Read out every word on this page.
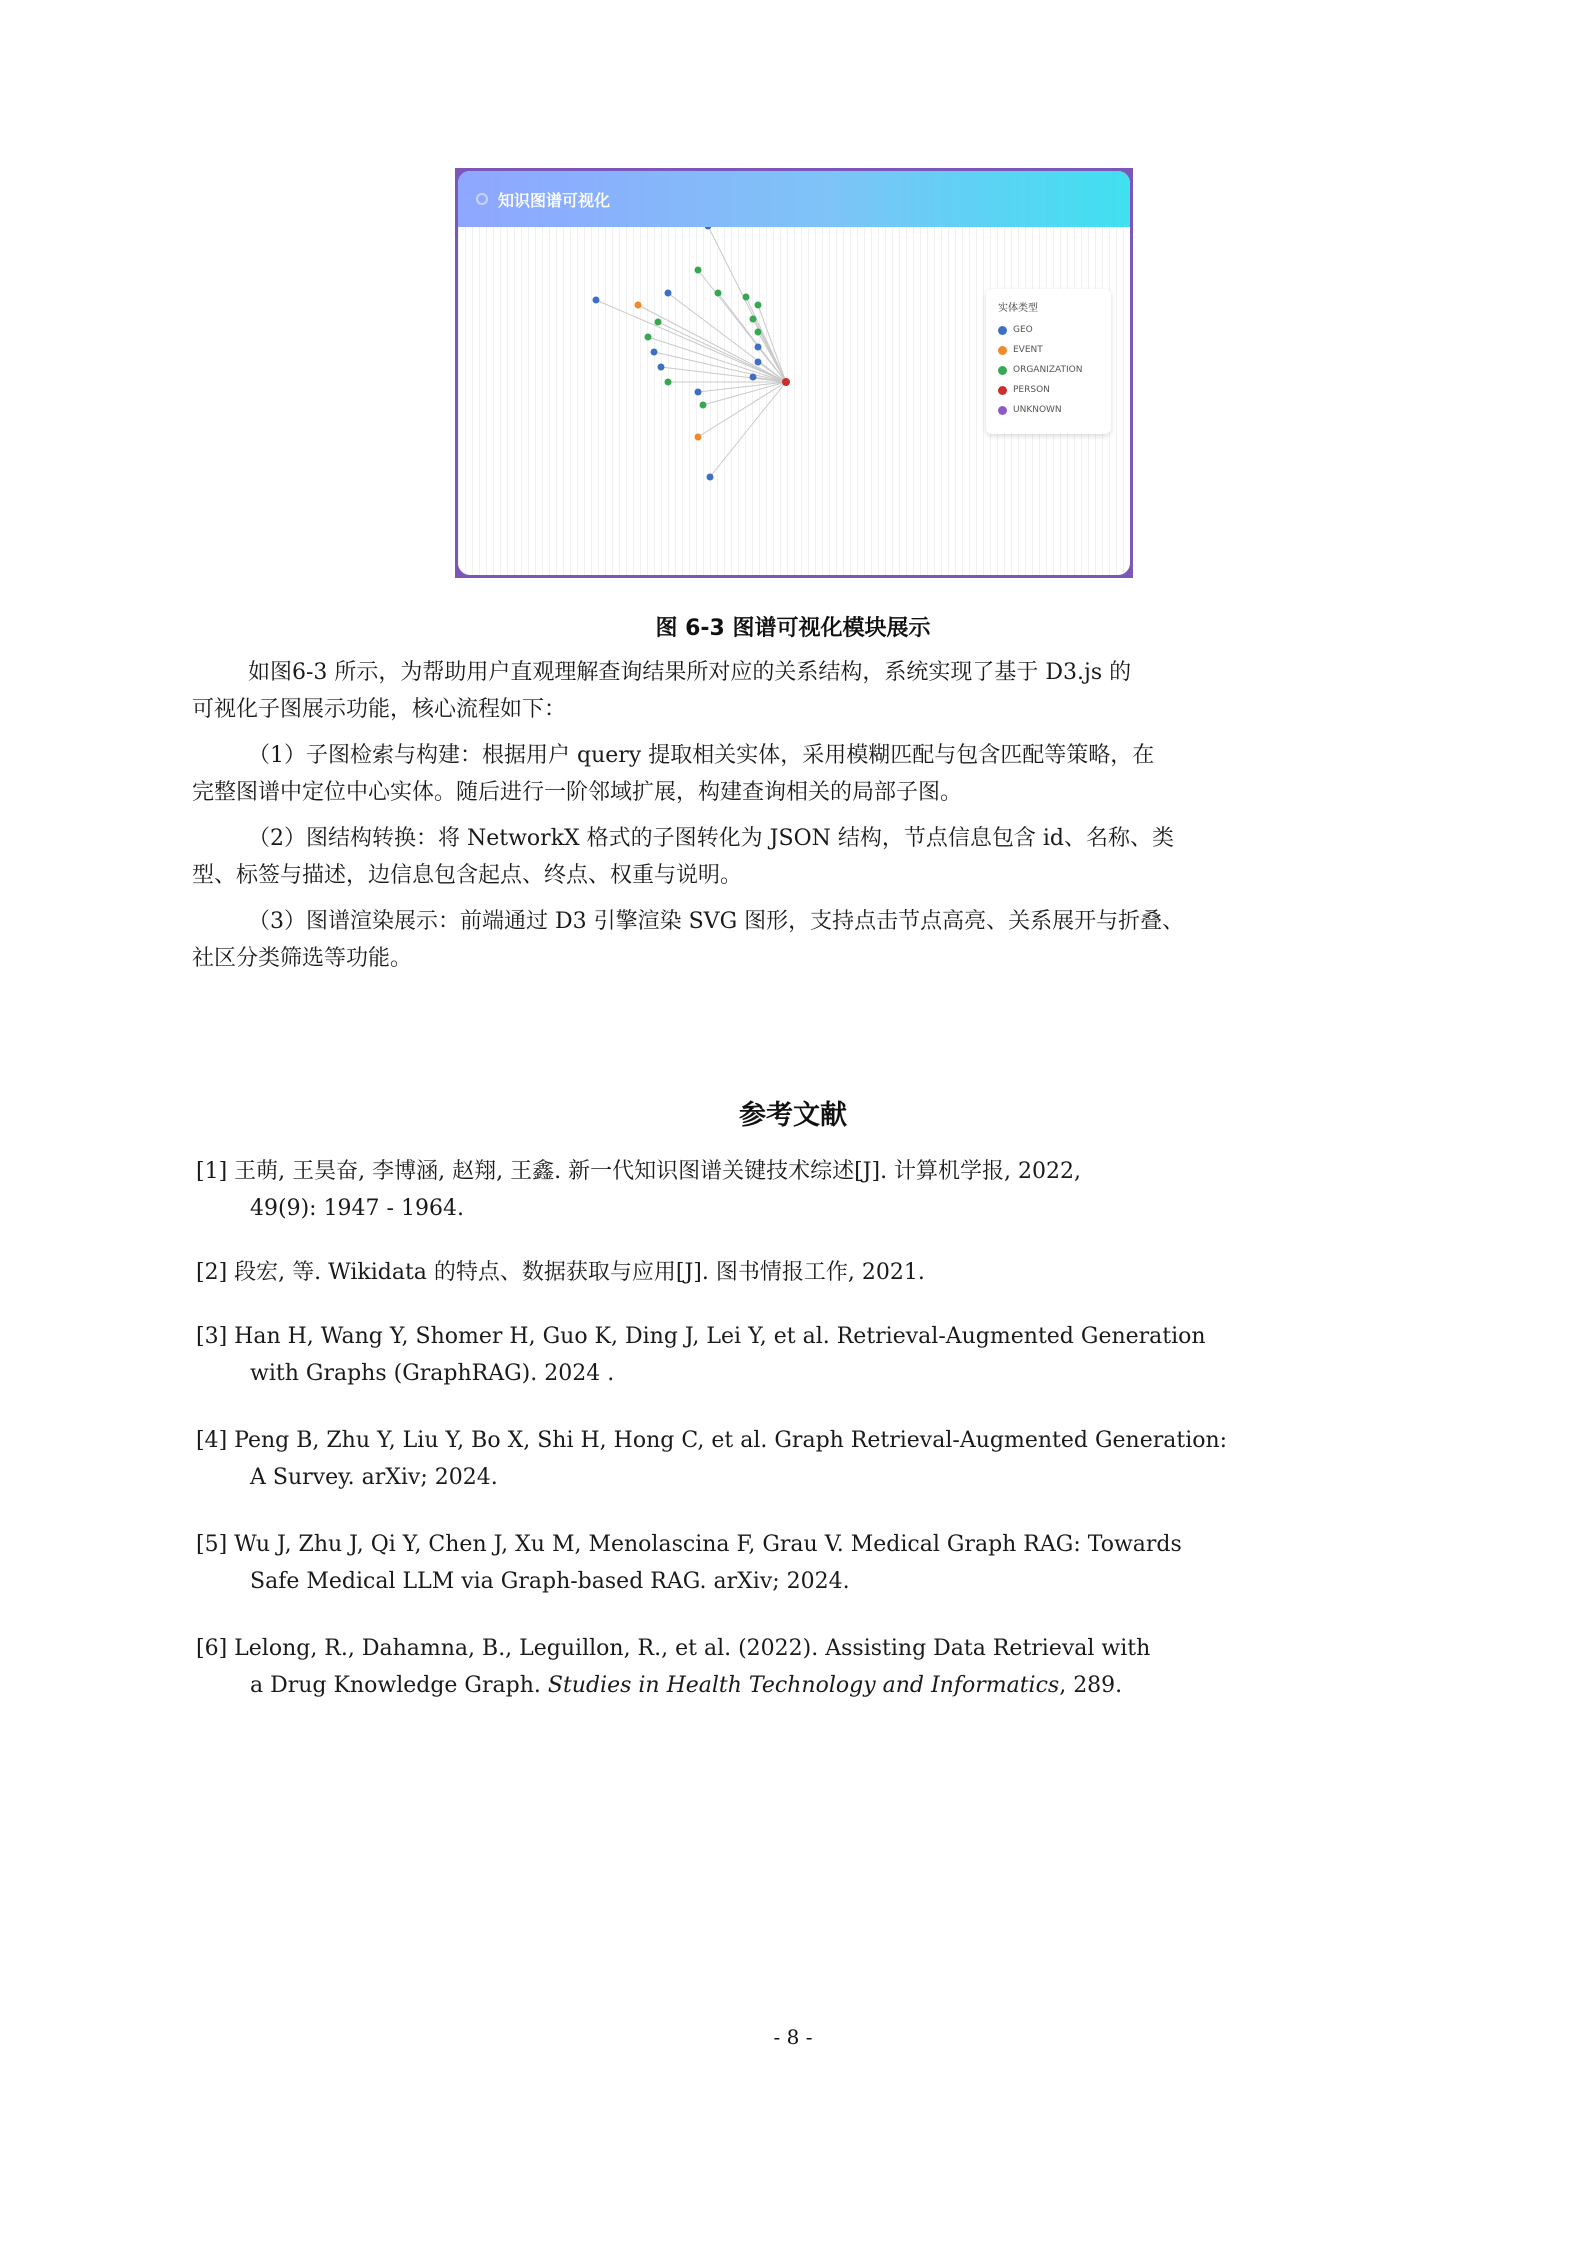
知识图谱可视化
实体类型
GEO
EVENT
ORGANIZATION
PERSON
UNKNOWN
图 6-3 图谱可视化模块展示

如图6-3 所示，为帮助用户直观理解查询结果所对应的关系结构，系统实现了基于 D3.js 的

可视化子图展示功能，核心流程如下：

（1）子图检索与构建：根据用户 query 提取相关实体，采用模糊匹配与包含匹配等策略，在

完整图谱中定位中心实体。随后进行一阶邻域扩展，构建查询相关的局部子图。

（2）图结构转换：将 NetworkX 格式的子图转化为 JSON 结构，节点信息包含 id、名称、类

型、标签与描述，边信息包含起点、终点、权重与说明。

（3）图谱渲染展示：前端通过 D3 引擎渲染 SVG 图形，支持点击节点高亮、关系展开与折叠、

社区分类筛选等功能。

参考文献

[1] 王萌, 王昊奋, 李博涵, 赵翔, 王鑫. 新一代知识图谱关键技术综述[J]. 计算机学报, 2022,
49(9): 1947 - 1964.

[2] 段宏, 等. Wikidata 的特点、数据获取与应用[J]. 图书情报工作, 2021.

[3] Han H, Wang Y, Shomer H, Guo K, Ding J, Lei Y, et al. Retrieval-Augmented Generation
with Graphs (GraphRAG). 2024 .

[4] Peng B, Zhu Y, Liu Y, Bo X, Shi H, Hong C, et al. Graph Retrieval-Augmented Generation:
A Survey. arXiv; 2024.

[5] Wu J, Zhu J, Qi Y, Chen J, Xu M, Menolascina F, Grau V. Medical Graph RAG: Towards
Safe Medical LLM via Graph-based RAG. arXiv; 2024.

[6] Lelong, R., Dahamna, B., Leguillon, R., et al. (2022). Assisting Data Retrieval with
a Drug Knowledge Graph. Studies in Health Technology and Informatics, 289.

- 8 -
